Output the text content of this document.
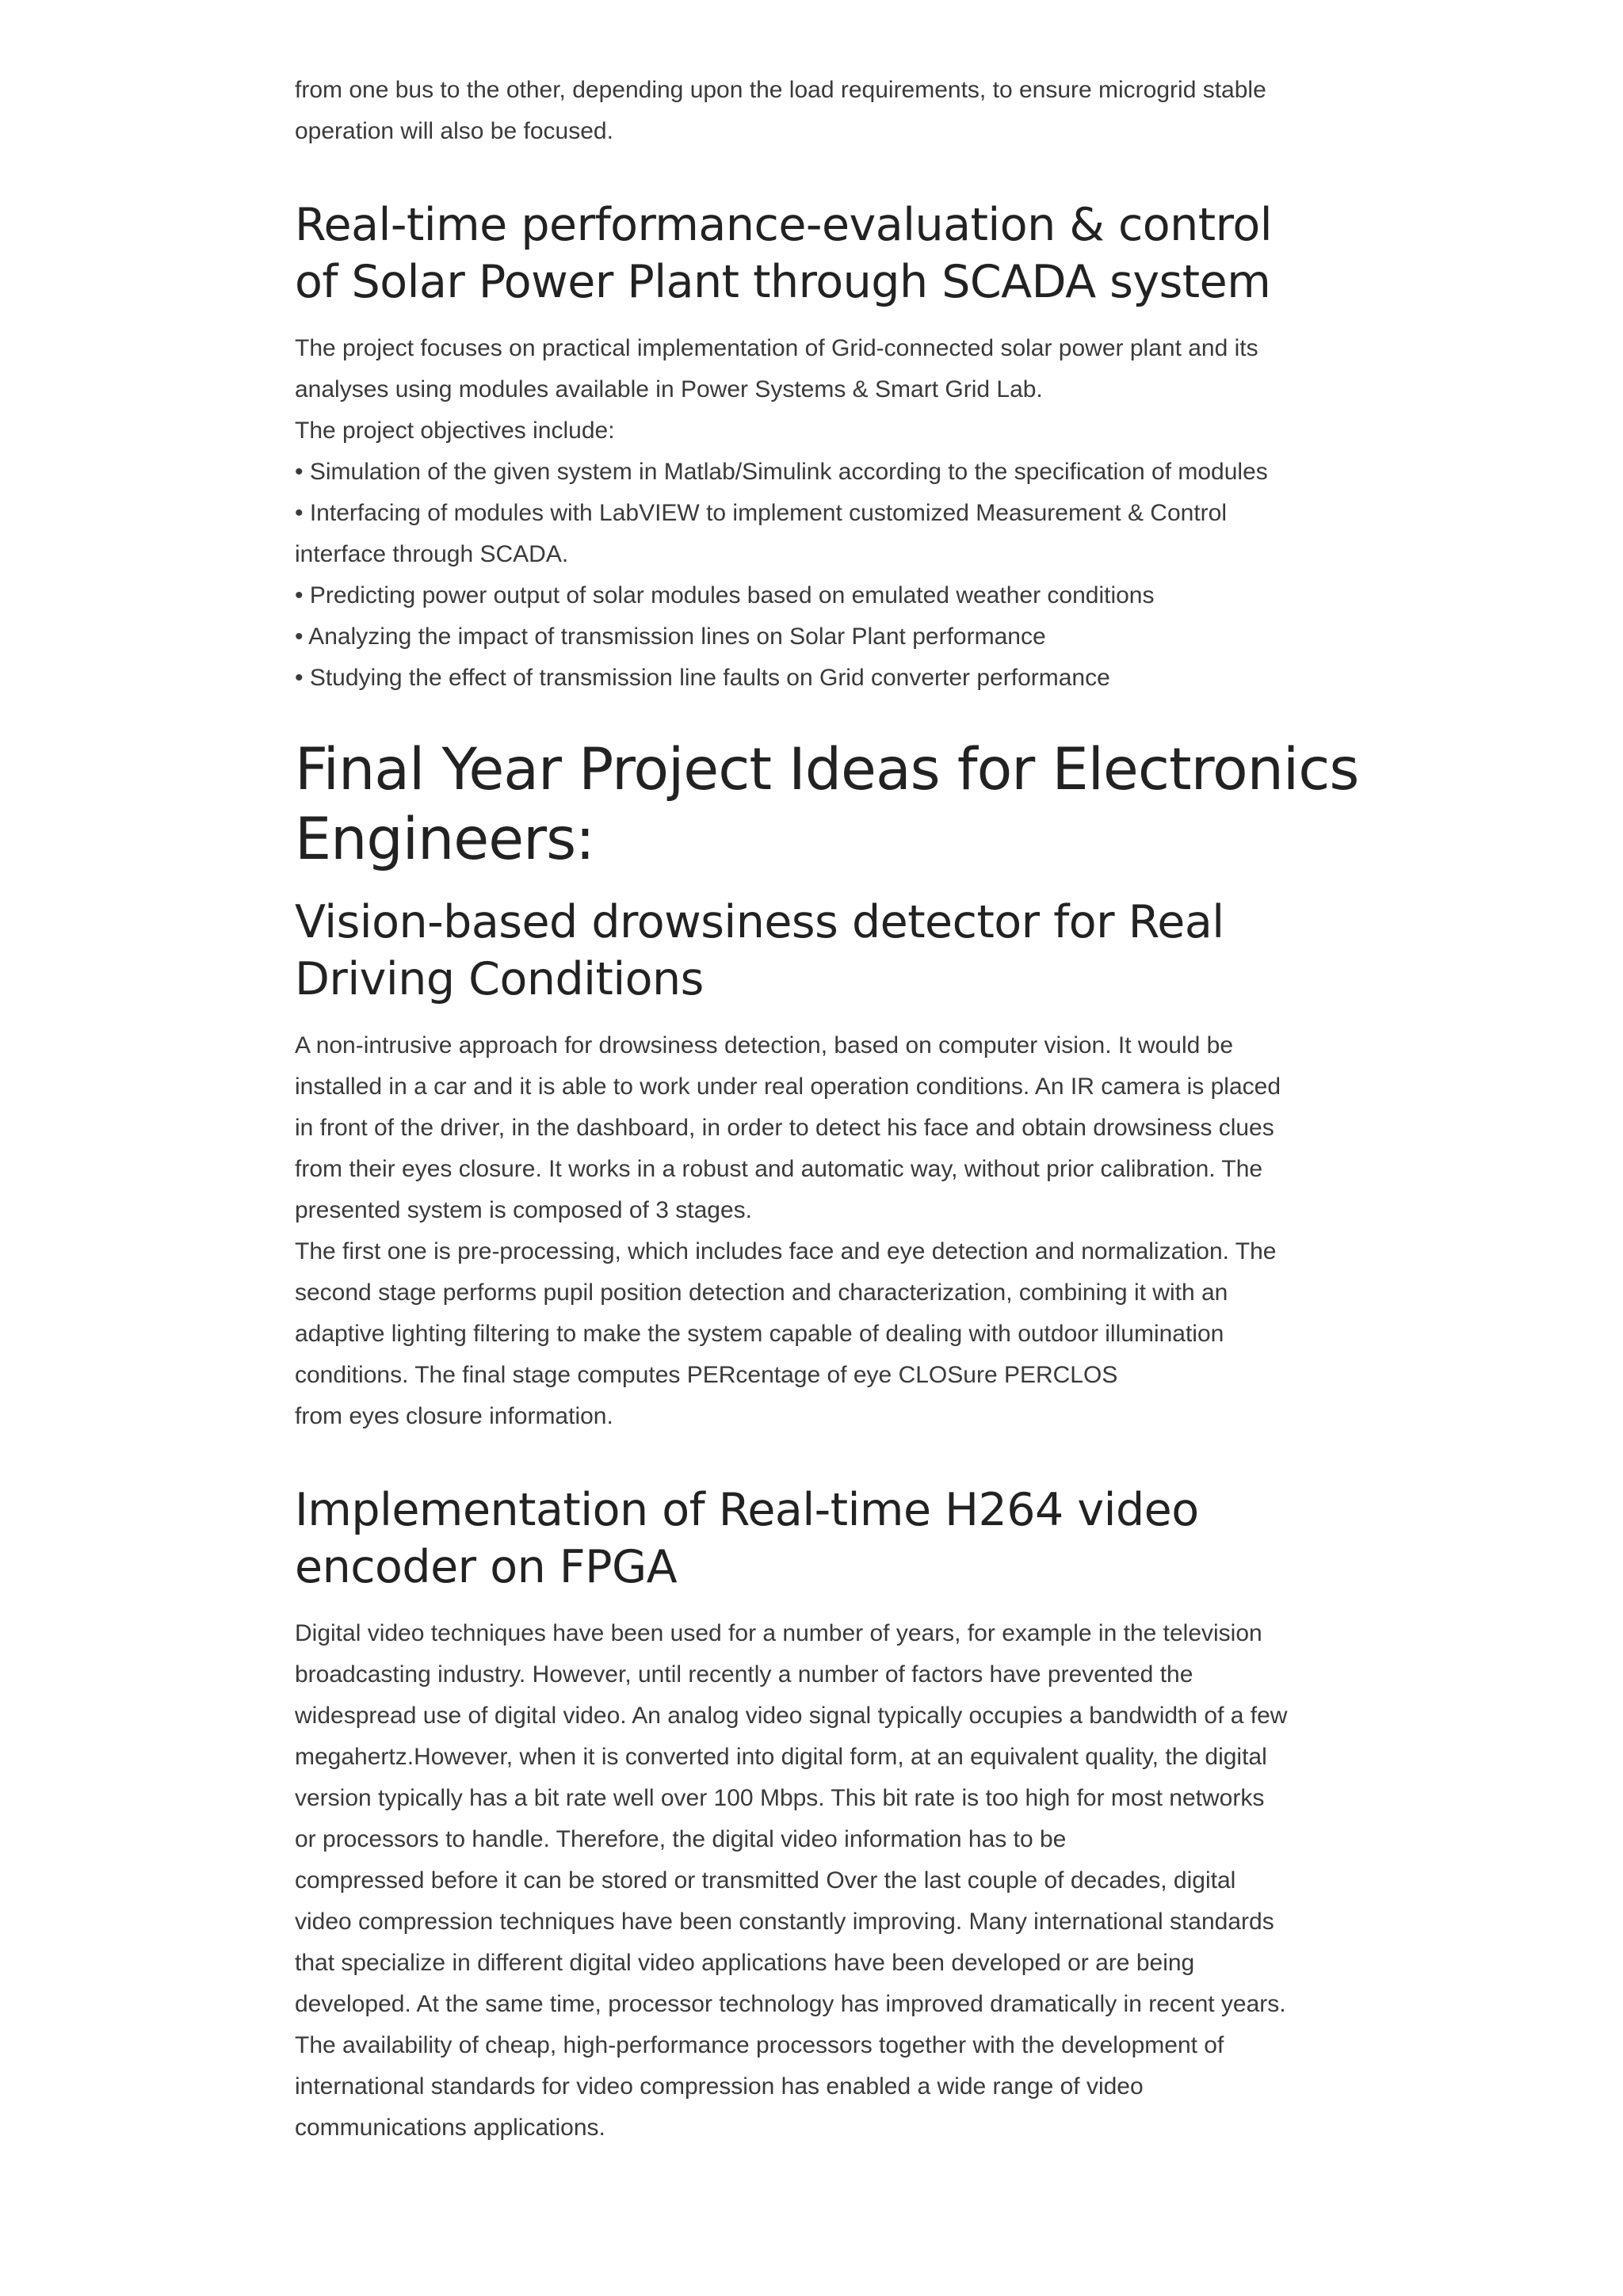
from one bus to the other, depending upon the load requirements, to ensure microgrid stable
operation will also be focused.

Real-time performance-evaluation & control
of Solar Power Plant through SCADA system

The project focuses on practical implementation of Grid-connected solar power plant and its
analyses using modules available in Power Systems & Smart Grid Lab.
The project objectives include:
• Simulation of the given system in Matlab/Simulink according to the specification of modules
• Interfacing of modules with LabVIEW to implement customized Measurement & Control
interface through SCADA.
• Predicting power output of solar modules based on emulated weather conditions
• Analyzing the impact of transmission lines on Solar Plant performance
• Studying the effect of transmission line faults on Grid converter performance

Final Year Project Ideas for Electronics
Engineers:
Vision-based drowsiness detector for Real
Driving Conditions

A non-intrusive approach for drowsiness detection, based on computer vision. It would be
installed in a car and it is able to work under real operation conditions. An IR camera is placed
in front of the driver, in the dashboard, in order to detect his face and obtain drowsiness clues
from their eyes closure. It works in a robust and automatic way, without prior calibration. The
presented system is composed of 3 stages.
The first one is pre-processing, which includes face and eye detection and normalization. The
second stage performs pupil position detection and characterization, combining it with an
adaptive lighting filtering to make the system capable of dealing with outdoor illumination
conditions. The final stage computes PERcentage of eye CLOSure PERCLOS
from eyes closure information.

Implementation of Real-time H264 video
encoder on FPGA

Digital video techniques have been used for a number of years, for example in the television
broadcasting industry. However, until recently a number of factors have prevented the
widespread use of digital video. An analog video signal typically occupies a bandwidth of a few
megahertz.However, when it is converted into digital form, at an equivalent quality, the digital
version typically has a bit rate well over 100 Mbps. This bit rate is too high for most networks
or processors to handle. Therefore, the digital video information has to be
compressed before it can be stored or transmitted Over the last couple of decades, digital
video compression techniques have been constantly improving. Many international standards
that specialize in different digital video applications have been developed or are being
developed. At the same time, processor technology has improved dramatically in recent years.
The availability of cheap, high-performance processors together with the development of
international standards for video compression has enabled a wide range of video
communications applications.
